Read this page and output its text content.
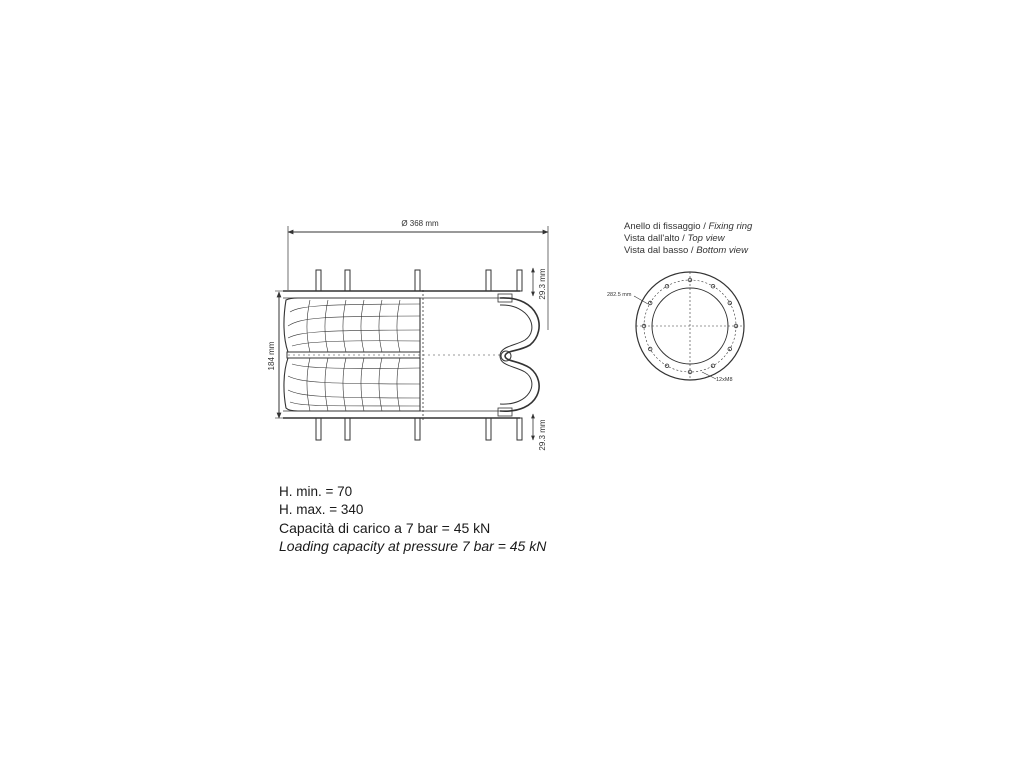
Ø 368 mm
184 mm
29.3 mm
29.3 mm
282.5 mm
12xM8
Anello di fissaggio / Fixing ring
Vista dall'alto / Top view
Vista dal basso / Bottom view
H. min. = 70
H. max. = 340
Capacità di carico a 7 bar = 45 kN
Loading capacity at pressure 7 bar = 45 kN
